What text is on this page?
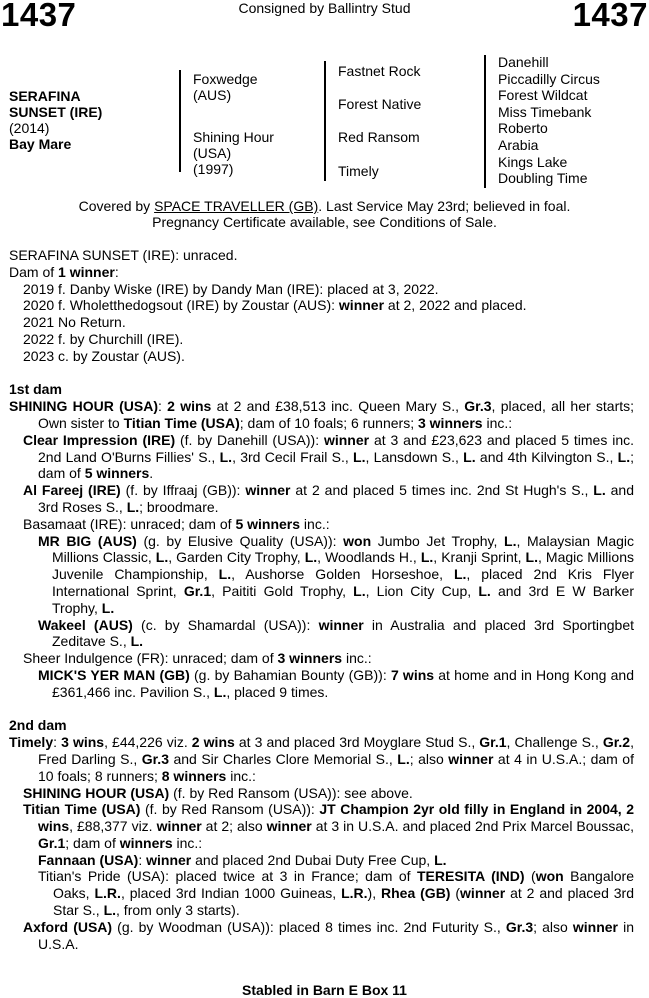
1437	Consigned by Ballintry Stud	1437
SERAFINA
SUNSET (IRE)
(2014)
Bay Mare
Foxwedge
(AUS)
Shining Hour
(USA)
(1997)
Fastnet Rock
Forest Native
Red Ransom
Timely
Danehill
Piccadilly Circus
Forest Wildcat
Miss Timebank
Roberto
Arabia
Kings Lake
Doubling Time
Covered by SPACE TRAVELLER (GB). Last Service May 23rd; believed in foal.
Pregnancy Certificate available, see Conditions of Sale.

SERAFINA SUNSET (IRE): unraced.

Dam of 1 winner:

2019 f. Danby Wiske (IRE) by Dandy Man (IRE): placed at 3, 2022.

2020 f. Wholetthedogsout (IRE) by Zoustar (AUS): winner at 2, 2022 and placed.

2021 No Return.

2022 f. by Churchill (IRE).

2023 c. by Zoustar (AUS).

1st dam

SHINING HOUR (USA): 2 wins at 2 and £38,513 inc. Queen Mary S., Gr.3, placed, all her starts; Own sister to Titian Time (USA); dam of 10 foals; 6 runners; 3 winners inc.:

Clear Impression (IRE) (f. by Danehill (USA)): winner at 3 and £23,623 and placed 5 times inc. 2nd Land O'Burns Fillies' S., L., 3rd Cecil Frail S., L., Lansdown S., L. and 4th Kilvington S., L.; dam of 5 winners.

Al Fareej (IRE) (f. by Iffraaj (GB)): winner at 2 and placed 5 times inc. 2nd St Hugh's S., L. and 3rd Roses S., L.; broodmare.

Basamaat (IRE): unraced; dam of 5 winners inc.:

MR BIG (AUS) (g. by Elusive Quality (USA)): won Jumbo Jet Trophy, L., Malaysian Magic Millions Classic, L., Garden City Trophy, L., Woodlands H., L., Kranji Sprint, L., Magic Millions Juvenile Championship, L., Aushorse Golden Horseshoe, L., placed 2nd Kris Flyer International Sprint, Gr.1, Paititi Gold Trophy, L., Lion City Cup, L. and 3rd E W Barker Trophy, L.

Wakeel (AUS) (c. by Shamardal (USA)): winner in Australia and placed 3rd Sportingbet Zeditave S., L.

Sheer Indulgence (FR): unraced; dam of 3 winners inc.:

MICK'S YER MAN (GB) (g. by Bahamian Bounty (GB)): 7 wins at home and in Hong Kong and £361,466 inc. Pavilion S., L., placed 9 times.

2nd dam

Timely: 3 wins, £44,226 viz. 2 wins at 3 and placed 3rd Moyglare Stud S., Gr.1, Challenge S., Gr.2, Fred Darling S., Gr.3 and Sir Charles Clore Memorial S., L.; also winner at 4 in U.S.A.; dam of 10 foals; 8 runners; 8 winners inc.:

SHINING HOUR (USA) (f. by Red Ransom (USA)): see above.

Titian Time (USA) (f. by Red Ransom (USA)): JT Champion 2yr old filly in England in 2004, 2 wins, £88,377 viz. winner at 2; also winner at 3 in U.S.A. and placed 2nd Prix Marcel Boussac, Gr.1; dam of winners inc.:

Fannaan (USA): winner and placed 2nd Dubai Duty Free Cup, L.

Titian's Pride (USA): placed twice at 3 in France; dam of TERESITA (IND) (won Bangalore Oaks, L.R., placed 3rd Indian 1000 Guineas, L.R.), Rhea (GB) (winner at 2 and placed 3rd Star S., L., from only 3 starts).

Axford (USA) (g. by Woodman (USA)): placed 8 times inc. 2nd Futurity S., Gr.3; also winner in U.S.A.

Stabled in Barn E Box 11
